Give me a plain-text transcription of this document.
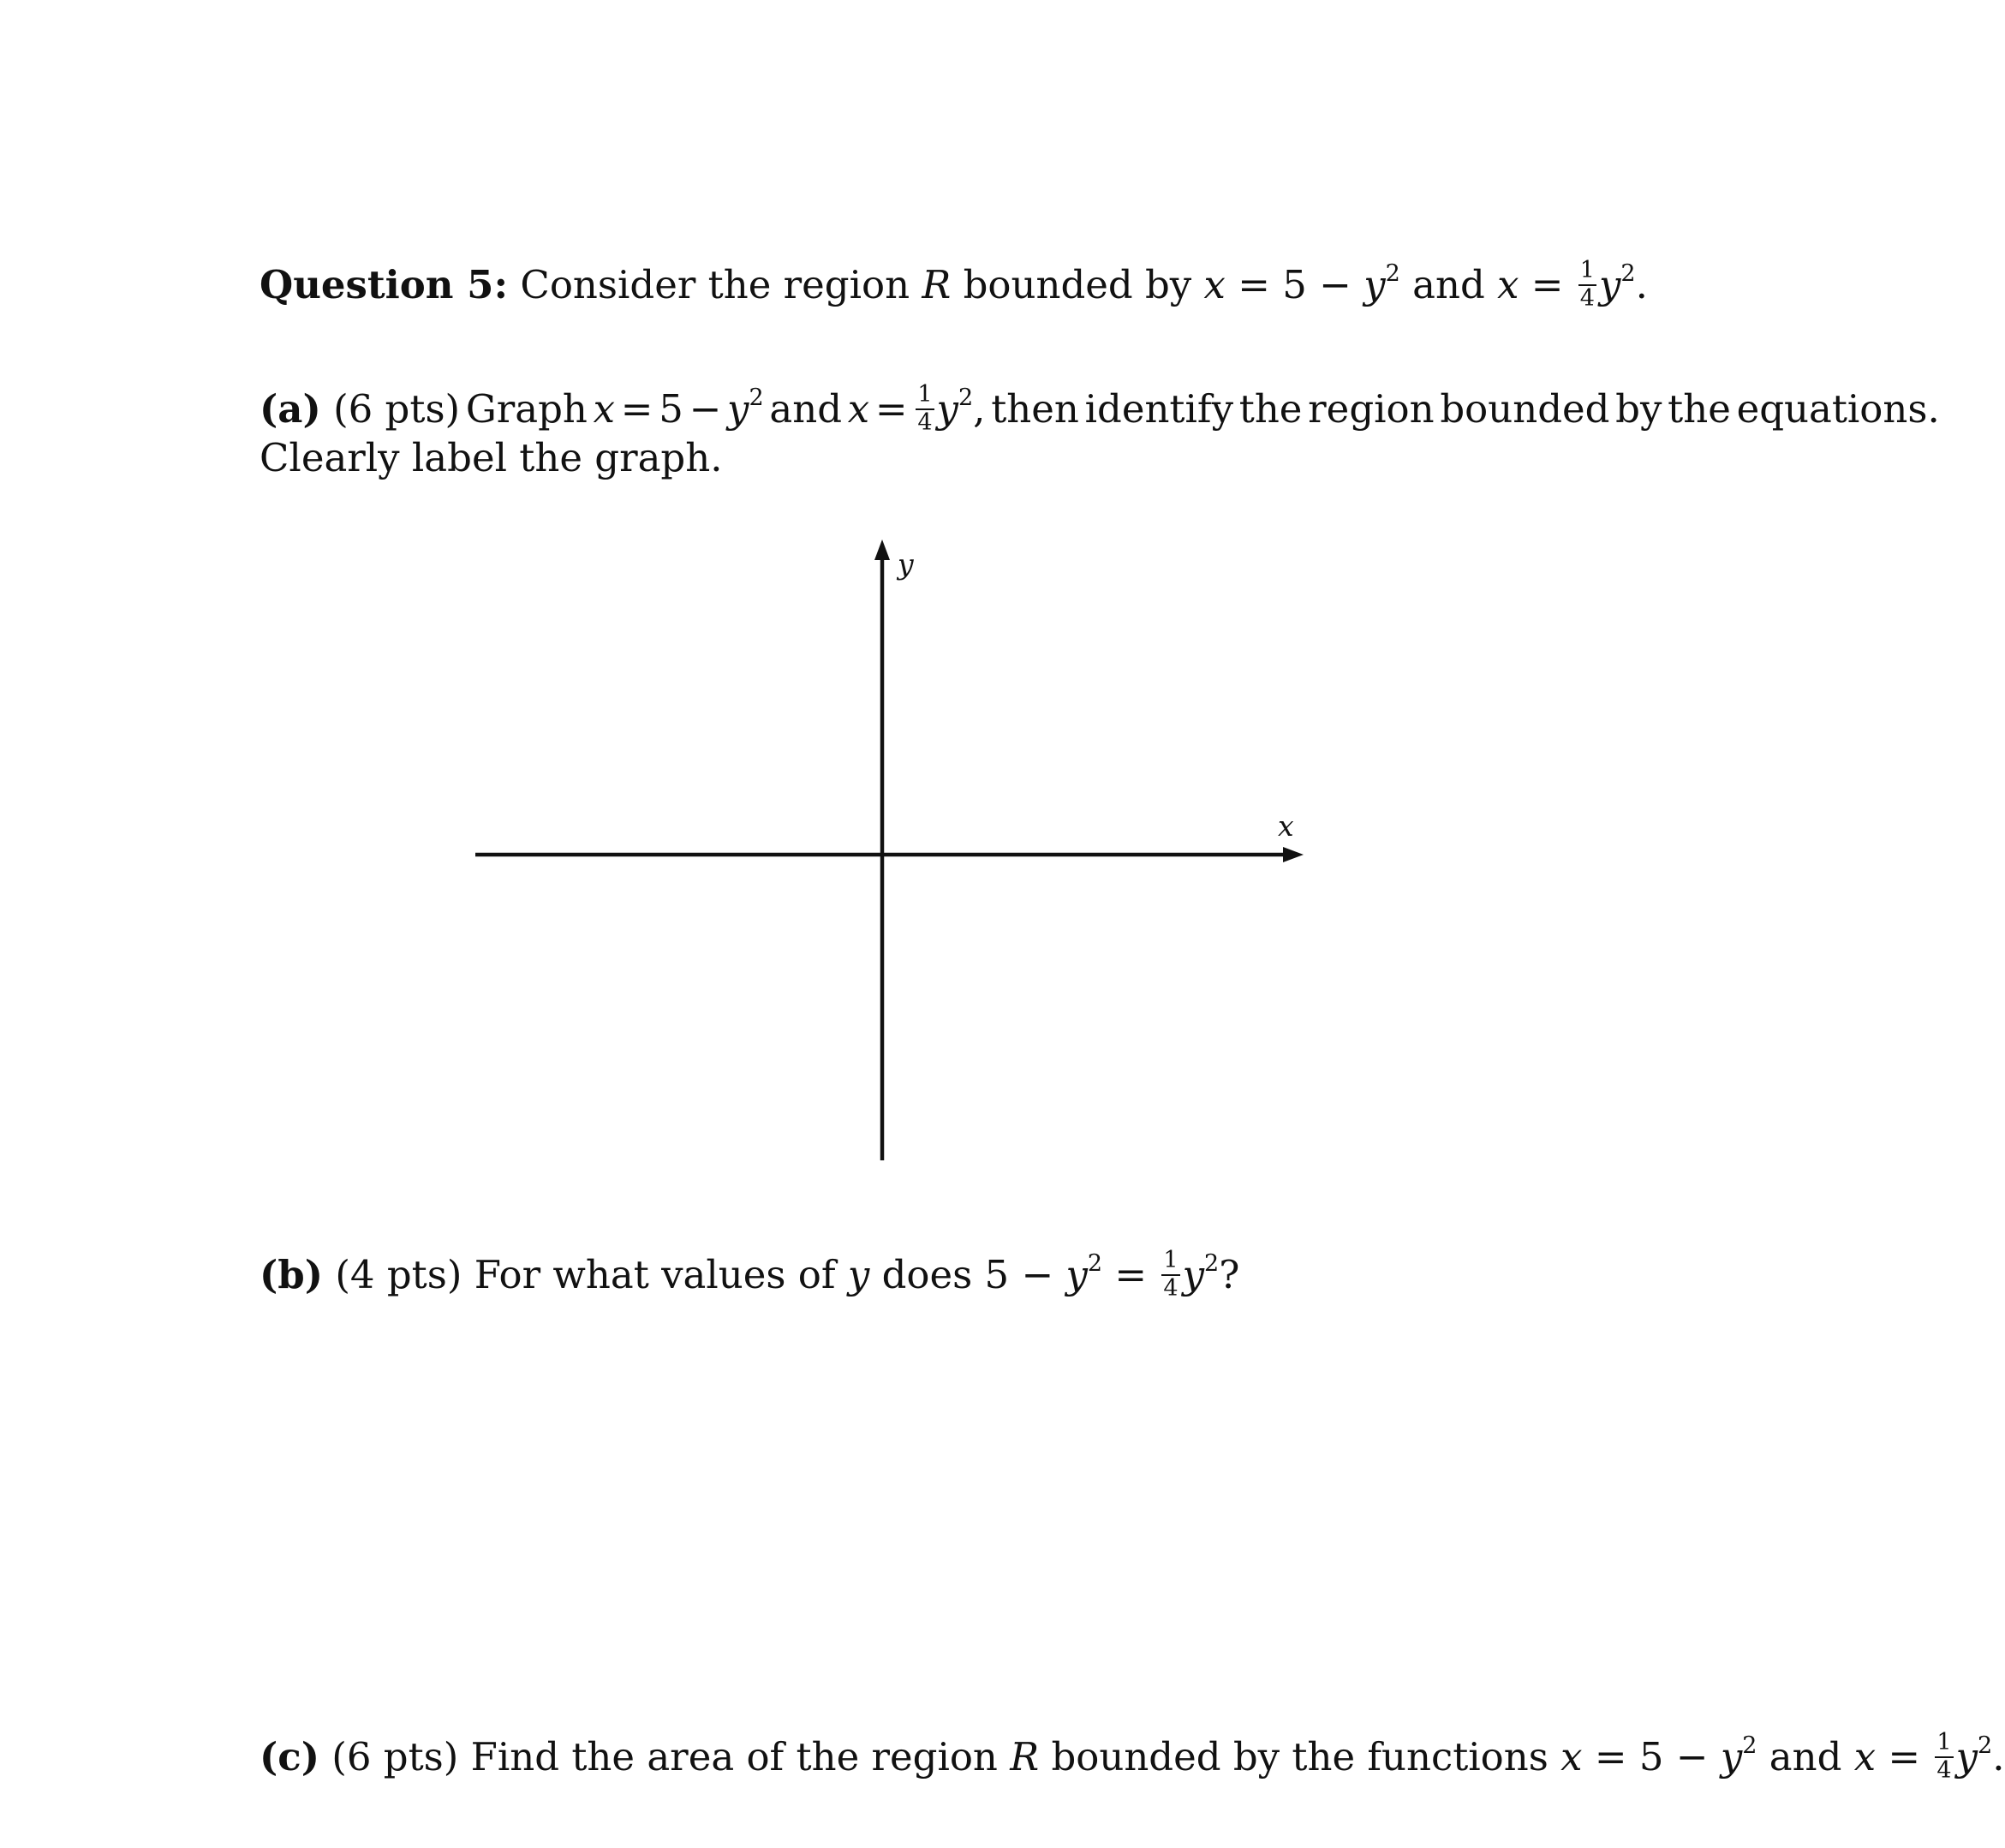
Question 5: Consider the region R bounded by $x = 5 - y^2$ and $x = \frac{1}{4} y^2$.
(a) (6 pts) Graph $x = 5 - y^2$ and $x = \frac{1}{4} y^2$, then identify the region bounded by the equations.
Clearly label the graph.
y
x
(b) (4 pts) For what values of y does $5 - y^2 = \frac{1}{4} y^2$?
(c) (6 pts) Find the area of the region R bounded by the functions $x = 5 - y^2$ and $x = \frac{1}{4} y^2$.
